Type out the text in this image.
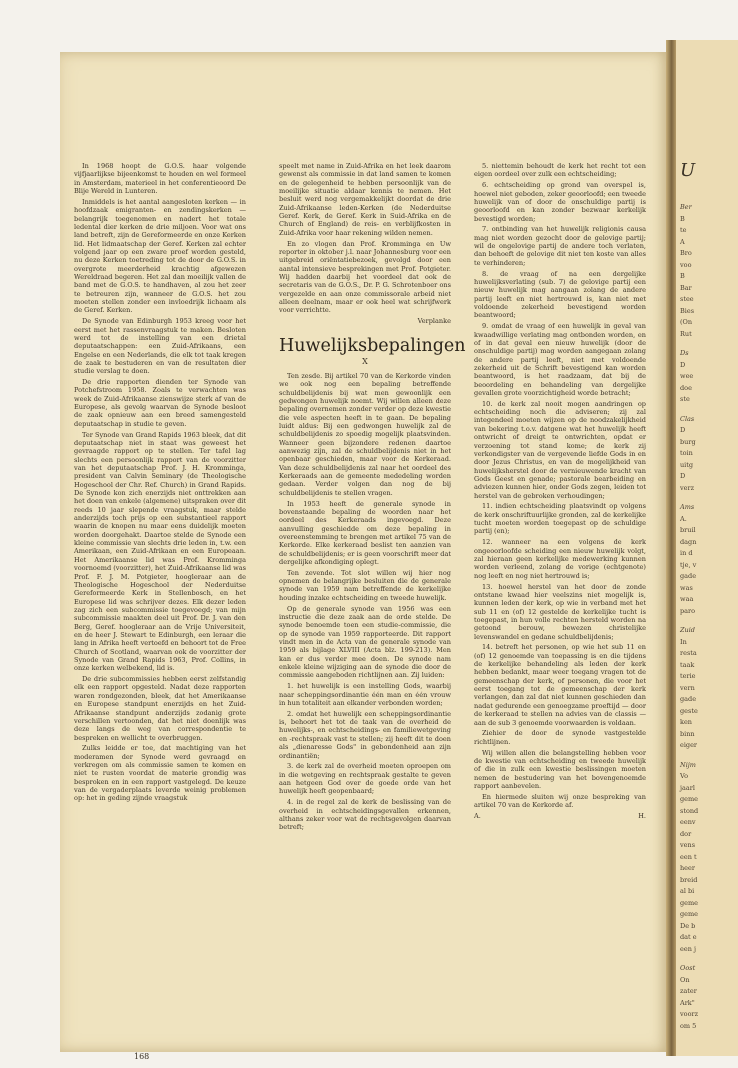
In 1968 hoopt de G.O.S. haar volgende vijfjaarlijkse bijeenkomst te houden en wel formeel in Amsterdam, materieel in het conferentieoord De Blije Wereld in Lunteren.

Inmiddels is het aantal aangesloten kerken — in hoofdzaak emigranten- en zendingskerken — belangrijk toegenomen en nadert het totale ledental dier kerken de drie miljoen. Voor wat ons land betreft, zijn de Gereformeerde en onze Kerken lid. Het lidmaatschap der Geref. Kerken zal echter volgend jaar op een zware proef worden gesteld, nu deze Kerken toetreding tot de door de G.O.S. in overgrote meerderheid krachtig afgewezen Wereldraad begeren. Het zal dan moeilijk vallen de band met de G.O.S. te handhaven, al zou het zeer te betreuren zijn, wanneer de G.O.S. het zou moeten stellen zonder een invloedrijk lichaam als de Geref. Kerken.

De Synode van Edinburgh 1953 kreeg voor het eerst met het rassenvraagstuk te maken. Besloten werd tot de instelling van een drietal deputaatschappen: een Zuid-Afrikaans, een Engelse en een Nederlands, die elk tot taak kregen de zaak te bestuderen en van de resultaten dier studie verslag te doen.

De drie rapporten dienden ter Synode van Potchefstroom 1958. Zoals te verwachten was week de Zuid-Afrikaanse zienswijze sterk af van de Europese, als gevolg waarvan de Synode besloot de zaak opnieuw aan een breed samengesteld deputaatschap in studie te geven.

Ter Synode van Grand Rapids 1963 bleek, dat dit deputaatschap niet in staat was geweest het gevraagde rapport op te stellen. Ter tafel lag slechts een persoonlijk rapport van de voorzitter van het deputaatschap Prof. J. H. Kromminga, president van Calvin Seminary (de Theologische Hogeschool der Chr. Ref. Church) in Grand Rapids. De Synode kon zich enerzijds niet onttrekken aan het doen van enkele (algemene) uitspraken over dit reeds 10 jaar slepende vraagstuk, maar stelde anderzijds toch prijs op een substantieel rapport waarin de knopen nu maar eens duidelijk moeten worden doorgehakt. Daartoe stelde de Synode een kleine commissie van slechts drie leden in, t.w. een Amerikaan, een Zuid-Afrikaan en een Europeaan. Het Amerikaanse lid was Prof. Kromminga voornoemd (voorzitter), het Zuid-Afrikaanse lid was Prof. F. J. M. Potgieter, hoogleraar aan de Theologische Hogeschool der Nederduitse Gereformeerde Kerk in Stellenbosch, en het Europese lid was schrijver dezes. Elk dezer leden zag zich een subcommissie toegevoegd; van mijn subcommissie maakten deel uit Prof. Dr. J. van den Berg, Geref. hoogleraar aan de Vrije Universiteit, en de heer J. Stewart te Edinburgh, een leraar die lang in Afrika heeft vertoefd en behoort tot de Free Church of Scotland, waarvan ook de voorzitter der Synode van Grand Rapids 1963, Prof. Collins, in onze kerken welbekend, lid is.

De drie subcommissies hebben eerst zelfstandig elk een rapport opgesteld. Nadat deze rapporten waren rondgezonden, bleek, dat het Amerikaanse en Europese standpunt enerzijds en het Zuid-Afrikaanse standpunt anderzijds zodanig grote verschillen vertoonden, dat het niet doenlijk was deze langs de weg van correspondentie te bespreken en wellicht te overbruggen.

Zulks leidde er toe, dat machtiging van het moderamen der Synode werd gevraagd en verkregen om als commissie samen te komen en niet te rusten voordat de materie grondig was besproken en in een rapport vastgelegd. De keuze van de vergaderplaats leverde weinig problemen op: het in geding zijnde vraagstuk

speelt met name in Zuid-Afrika en het leek daarom gewenst als commissie in dat land samen te komen en de gelegenheid te hebben persoonlijk van de moeilijke situatie aldaar kennis te nemen. Het besluit werd nog vergemakkelijkt doordat de drie Zuid-Afrikaanse leden-Kerken (de Nederduitse Geref. Kerk, de Geref. Kerk in Suid-Afrika en de Church of England) de reis- en verblijfkosten in Zuid-Afrika voor haar rekening wilden nemen.

En zo vlogen dan Prof. Kromminga en Uw reporter in oktober j.l. naar Johannesburg voor een uitgebreid oriëntatiebezoek, gevolgd door een aantal intensieve besprekingen met Prof. Potgieter. Wij hadden daarbij het voordeel dat ook de secretaris van de G.O.S., Dr. P. G. Schrotenboer ons vergezelde en aan onze commissorale arbeid niet alleen deelnam, maar er ook heel wat schrijfwerk voor verrichtte.

Verplanke
Huwelijksbepalingen
X

Ten zesde. Bij artikel 70 van de Kerkorde vinden we ook nog een bepaling betreffende schuldbelijdenis bij wat men gewoonlijk een gedwongen huwelijk noemt. Wij willen alleen deze bepaling overnemen zonder verder op deze kwestie die vele aspecten heeft in te gaan. De bepaling luidt aldus: Bij een gedwongen huwelijk zal de schuldbelijdenis zo spoedig mogelijk plaatsvinden. Wanneer geen bijzondere redenen daartoe aanwezig zijn, zal de schuldbelijdenis niet in het openbaar geschieden, maar voor de Kerkeraad. Van deze schuldbelijdenis zal naar het oordeel des Kerkeraads aan de gemeente mededeling worden gedaan. Verder volgen dan nog de bij schuldbelijdenis te stellen vragen.

In 1953 heeft de generale synode in bovenstaande bepaling de woorden naar het oordeel des Kerkeraads ingevoegd. Deze aanvulling geschiedde om deze bepaling in overeenstemming te brengen met artikel 75 van de Kerkorde. Elke kerkeraad beslist ten aanzien van de schuldbelijdenis; er is geen voorschrift meer dat dergelijke afkondiging oplegt.

Ten zevende. Tot slot willen wij hier nog opnemen de belangrijke besluiten die de generale synode van 1959 nam betreffende de kerkelijke houding inzake echtscheiding en tweede huwelijk.

Op de generale synode van 1956 was een instructie die deze zaak aan de orde stelde. De synode benoemde toen een studie-commissie, die op de synode van 1959 rapporteerde. Dit rapport vindt men in de Acta van de generale synode van 1959 als bijlage XLVIII (Acta blz. 199-213). Men kan er dus verder mee doen. De synode nam enkele kleine wijziging aan de synode die door de commissie aangeboden richtlijnen aan. Zij luiden:

1. het huwelijk is een instelling Gods, waarbij naar scheppingsordinantie één man en één vrouw in hun totaliteit aan elkander verbonden worden;

2. omdat het huwelijk een scheppingsordinantie is, behoort het tot de taak van de overheid de huwelijks-, en echtscheidings- en familiewetgeving en -rechtspraak vast te stellen; zij heeft dit te doen als „dienaresse Gods" in gebondenheid aan zijn ordinantiën;

3. de kerk zal de overheid moeten oproepen om in die wetgeving en rechtspraak gestalte te geven aan hetgeen God over de goede orde van het huwelijk heeft geopenbaard;

4. in de regel zal de kerk de beslissing van de overheid in echtscheidingsgevallen erkennen, althans zeker voor wat de rechtsgevolgen daarvan betreft;

5. niettemin behoudt de kerk het recht tot een eigen oordeel over zulk een echtscheiding;

6. echtscheiding op grond van overspel is, hoewel niet geboden, zeker geoorloofd; een tweede huwelijk van of door de onschuldige partij is geoorloofd en kan zonder bezwaar kerkelijk bevestigd worden;

7. ontbinding van het huwelijk religionis causa mag niet worden gezocht door de gelovige partij; wil de ongelovige partij de andere toch verlaten, dan behoeft de gelovige dit niet ten koste van alles te verhinderen;

8. de vraag of na een dergelijke huwelijksverlating (sub. 7) de gelovige partij een nieuw huwelijk mag aangaan zolang de andere partij leeft en niet hertrouwd is, kan niet met voldoende zekerheid bevestigend worden beantwoord;

9. omdat de vraag of een huwelijk in geval van kwaadwillige verlating mag ontbonden worden, en of in dat geval een nieuw huwelijk (door de onschuldige partij) mag worden aangegaan zolang de andere partij leeft, niet met voldoende zekerheid uit de Schrift bevestigend kan worden beantwoord, is het raadzaam, dat bij de beoordeling en behandeling van dergelijke gevallen grote voorzichtigheid worde betracht;

10. de kerk zal nooit mogen aandringen op echtscheiding noch die adviseren; zij zal integendeel moeten wijzen op de noodzakelijkheid van bekering t.o.v. datgene wat het huwelijk heeft ontwricht of dreigt te ontwrichten, opdat er verzoening tot stand kome; de kerk zij verkondigster van de vergevende liefde Gods in en door Jezus Christus, en van de mogelijkheid van huwelijksherstel door de vernieuwende kracht van Gods Geest en genade; pastorale bearbeiding en adviezen kunnen hier, onder Gods zegen, leiden tot herstel van de gebroken verhoudingen;

11. indien echtscheiding plaatsvindt op volgens de kerk onschriftuurlijke gronden, zal de kerkelijke tucht moeten worden toegepast op de schuldige partij (en);

12. wanneer na een volgens de kerk ongeoorloofde scheiding een nieuw huwelijk volgt, zal hieraan geen kerkelijke medewerking kunnen worden verleend, zolang de vorige (echtgenote) nog leeft en nog niet hertrouwd is;

13. hoewel herstel van het door de zonde ontstane kwaad hier veelszins niet mogelijk is, kunnen leden der kerk, op wie in verband met het sub 11 en (of) 12 gestelde de kerkelijke tucht is toegepast, in hun volle rechten hersteld worden na getoond berouw, bewezen christelijke levenswandel en gedane schuldbelijdenis;

14. betreft het personen, op wie het sub 11 en (of) 12 genoemde van toepassing is en die tijdens de kerkelijke behandeling als leden der kerk hebben bedankt, maar weer toegang vragen tot de gemeenschap der kerk, of personen, die voor het eerst toegang tot de gemeenschap der kerk verlangen, dan zal dat niet kunnen geschieden dan nadat gedurende een genoegzame proeftijd — door de kerkeraad te stellen na advies van de classis — aan de sub 3 genoemde voorwaarden is voldaan.

Ziehier de door de synode vastgestelde richtlijnen.

Wij willen allen die belangstelling hebben voor de kwestie van echtscheiding en tweede huwelijk of die in zulk een kwestie beslissingen moeten nemen de bestudering van het bovengenoemde rapport aanbevelen.

En hiermede sluiten wij onze bespreking van artikel 70 van de Kerkorde af.

A.	H.
168
U
Ber
B
te
A
Bro
voo
B
Bar
stee
Bies
(On
Rut
Ds
D
wee
doe
ste
Clas
D
burg
toin
uitg
D
verz
Ams
A.
bruil
dagn
in d
tje, v
gade
was
waa
paro
Zuid
In
resta
taak
terie
vern
gade
geste
ken
binn
eiger
Nijm
Vo
jaarl
geme
stond
eenv
dor
vens
een t
heer
breid
al bi
geme
geme
De b
dat e
een j
Oost
On
zater
Ark"
voorz
om 5
